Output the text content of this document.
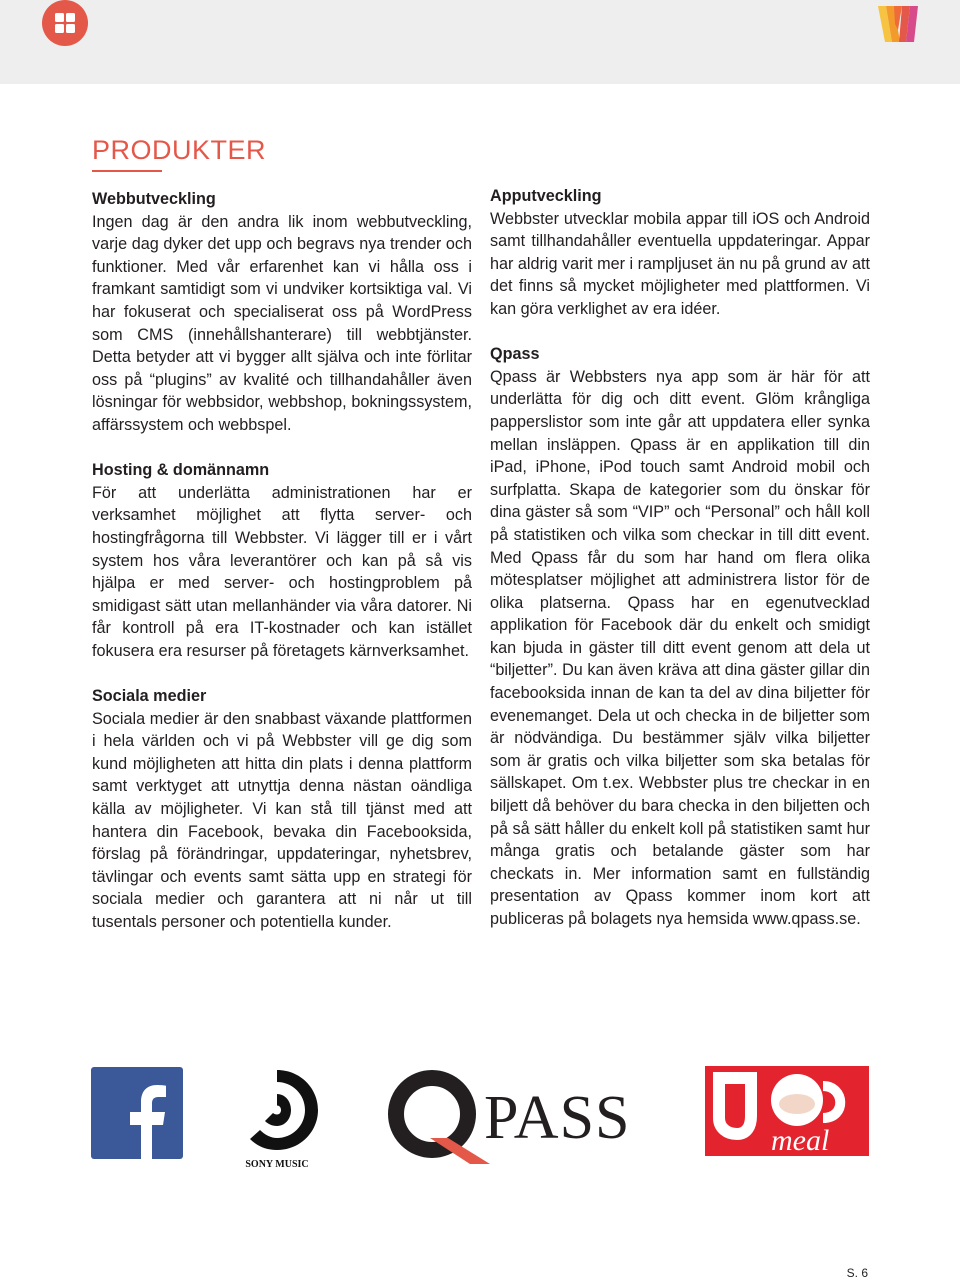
PRODUKTER
Webbutveckling

Ingen dag är den andra lik inom webbutveckling, varje dag dyker det upp och begravs nya trender och funktioner. Med vår erfarenhet kan vi hålla oss i framkant samtidigt som vi undviker kortsiktiga val. Vi har fokuserat och specialiserat oss på WordPress som CMS (innehållshanterare) till webbtjänster. Detta betyder att vi bygger allt själva och inte förlitar oss på “plugins” av kvalité och tillhandahåller även lösningar för webbsidor, webbshop, bokningssystem, affärssystem och webbspel.

Hosting & domännamn

För att underlätta administrationen har er verksamhet möjlighet att flytta server- och hostingfrågorna till Webbster. Vi lägger till er i vårt system hos våra leverantörer och kan på så vis hjälpa er med server- och hostingproblem på smidigast sätt utan mellanhänder via våra datorer. Ni får kontroll på era IT-kostnader och kan istället fokusera era resurser på företagets kärnverksamhet.

Sociala medier

Sociala medier är den snabbast växande plattformen i hela världen och vi på Webbster vill ge dig som kund möjligheten att hitta din plats i denna plattform samt verktyget att utnyttja denna nästan oändliga källa av möjligheter. Vi kan stå till tjänst med att hantera din Facebook, bevaka din Facebooksida, förslag på förändringar, uppdateringar, nyhetsbrev, tävlingar och events samt sätta upp en strategi för sociala medier och garantera att ni når ut till tusentals personer och potentiella kunder.

Apputveckling

Webbster utvecklar mobila appar till iOS och Android samt tillhandahåller eventuella uppdateringar. Appar har aldrig varit mer i rampljuset än nu på grund av att det finns så mycket möjligheter med plattformen. Vi kan göra verklighet av era idéer.

Qpass

Qpass är Webbsters nya app som är här för att underlätta för dig och ditt event. Glöm krångliga papperslistor som inte går att uppdatera eller synka mellan insläppen. Qpass är en applikation till din iPad, iPhone, iPod touch samt Android mobil och surfplatta. Skapa de kategorier som du önskar för dina gäster så som “VIP” och “Personal” och håll koll på statistiken och vilka som checkar in till ditt event. Med Qpass får du som har hand om flera olika mötesplatser möjlighet att administrera listor för de olika platserna. Qpass har en egenutvecklad applikation för Facebook där du enkelt och smidigt kan bjuda in gäster till ditt event genom att dela ut “biljetter”. Du kan även kräva att dina gäster gillar din facebooksida innan de kan ta del av dina biljetter för evenemanget. Dela ut och checka in de biljetter som är nödvändiga. Du bestämmer själv vilka biljetter som är gratis och vilka biljetter som ska betalas för sällskapet. Om t.ex. Webbster plus tre checkar in en biljett då behöver du bara checka in den biljetten och på så sätt håller du enkelt koll på statistiken samt hur många gratis och betalande gäster som har checkats in. Mer information samt en fullständig presentation av Qpass kommer inom kort att publiceras på bolagets nya hemsida www.qpass.se.

SONY MUSIC
PASS	meal
S. 6
